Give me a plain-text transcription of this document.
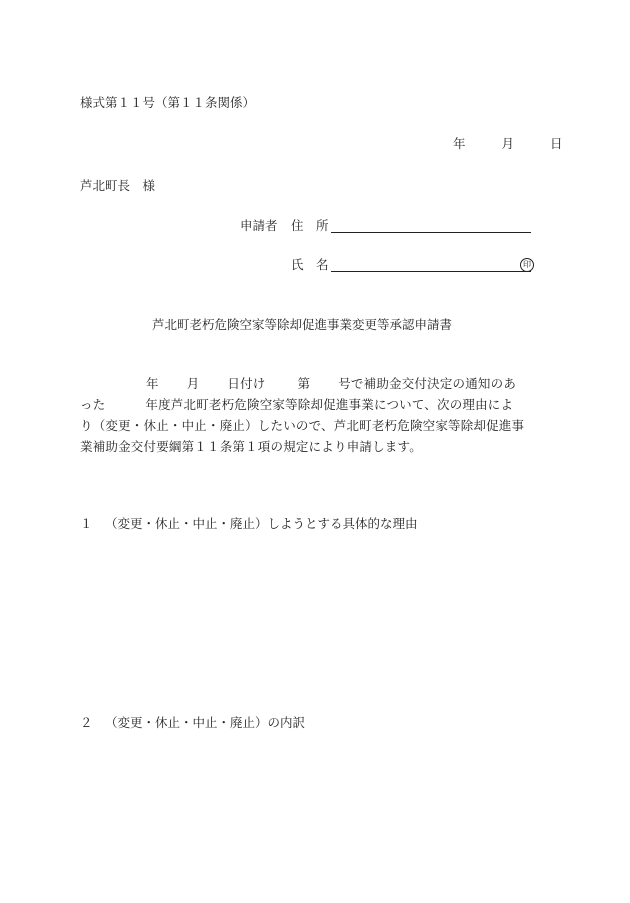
様式第１１号（第１１条関係）
年	月	日
芦北町長　様
申請者 住　所
氏　名	印
芦北町老朽危険空家等除却促進事業変更等承認申請書
年 月 日付け	第 号で補助金交付決定の通知のあ
った	年度芦北町老朽危険空家等除却促進事業について、次の理由によ
り（変更・休止・中止・廃止）したいので、芦北町老朽危険空家等除却促進事
業補助金交付要綱第１１条第１項の規定により申請します。
１ （変更・休止・中止・廃止）しようとする具体的な理由
２ （変更・休止・中止・廃止）の内訳
